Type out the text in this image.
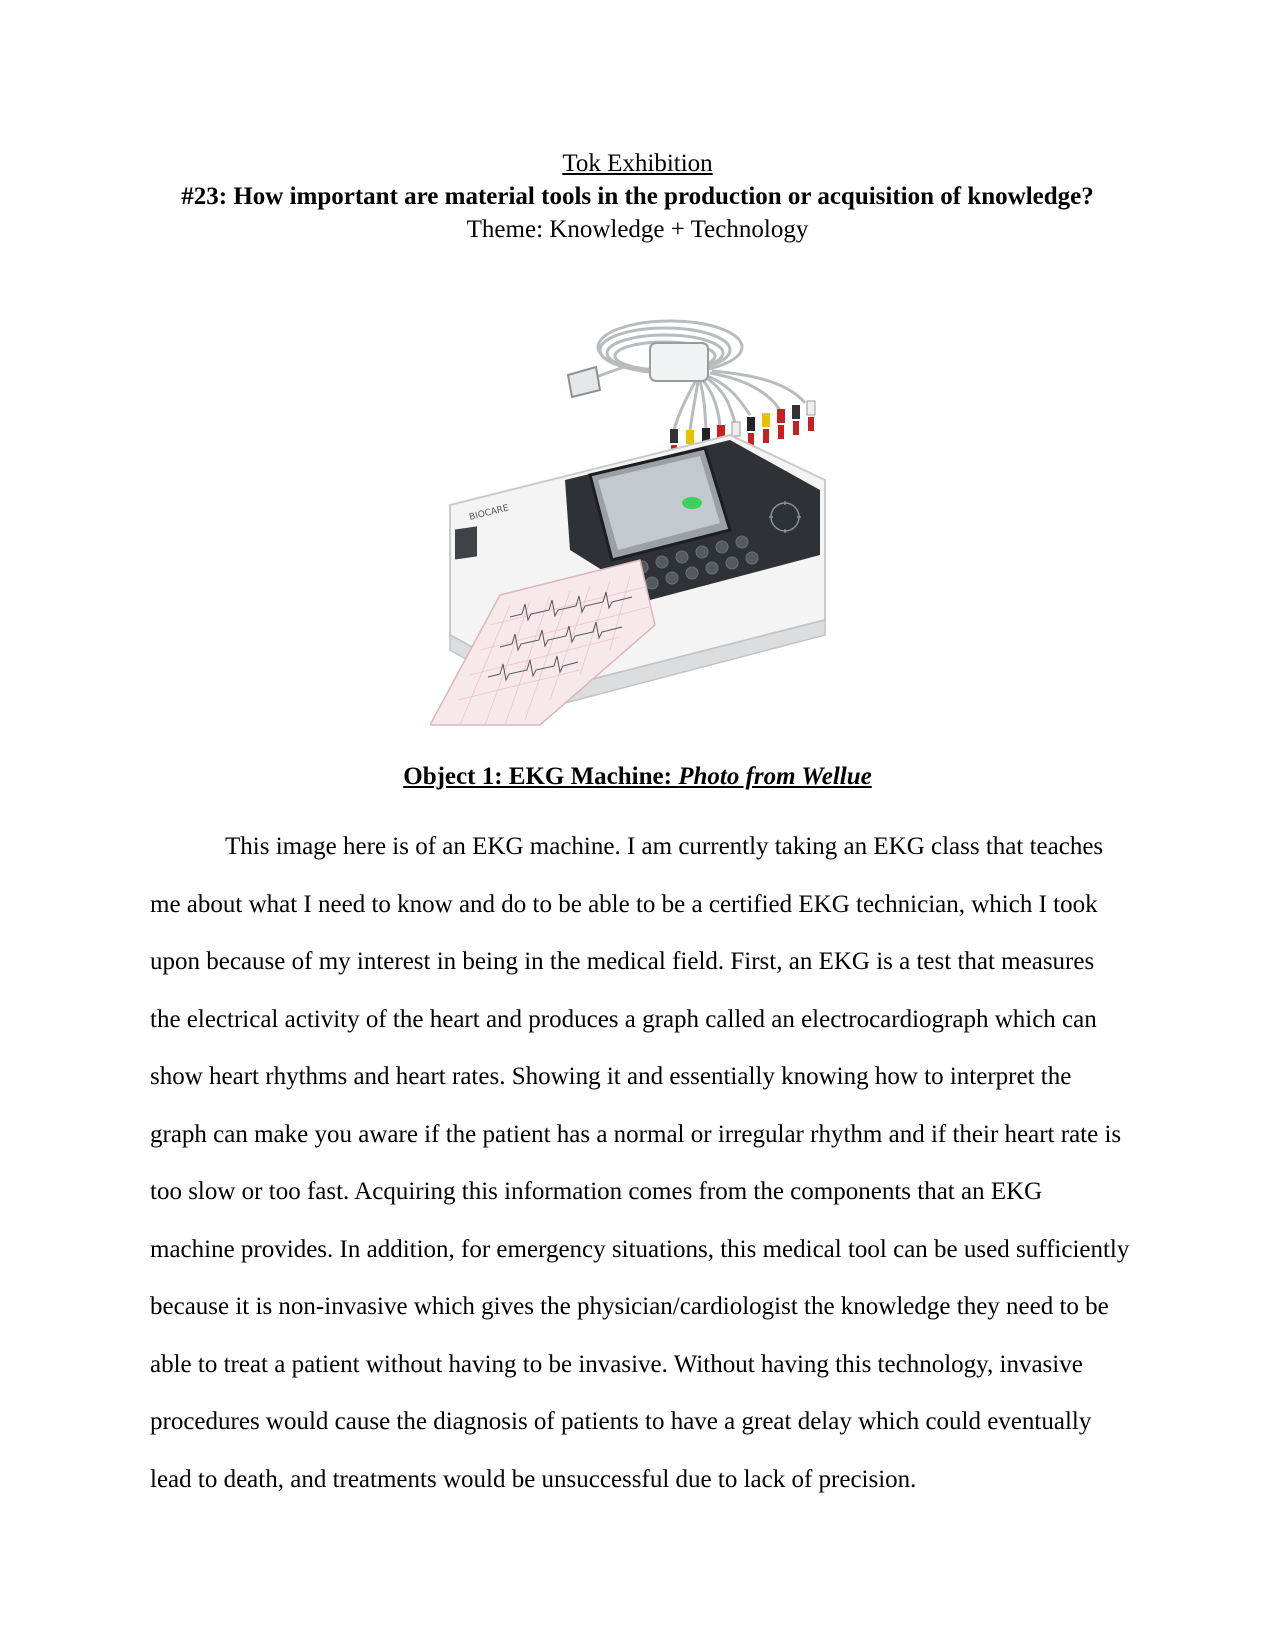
Tok Exhibition
#23: How important are material tools in the production or acquisition of knowledge?
Theme: Knowledge + Technology
BIOCARE
Object 1: EKG Machine: Photo from Wellue
This image here is of an EKG machine. I am currently taking an EKG class that teaches me about what I need to know and do to be able to be a certified EKG technician, which I took upon because of my interest in being in the medical field. First, an EKG is a test that measures the electrical activity of the heart and produces a graph called an electrocardiograph which can show heart rhythms and heart rates. Showing it and essentially knowing how to interpret the graph can make you aware if the patient has a normal or irregular rhythm and if their heart rate is too slow or too fast. Acquiring this information comes from the components that an EKG machine provides. In addition, for emergency situations, this medical tool can be used sufficiently because it is non-invasive which gives the physician/cardiologist the knowledge they need to be able to treat a patient without having to be invasive. Without having this technology, invasive procedures would cause the diagnosis of patients to have a great delay which could eventually lead to death, and treatments would be unsuccessful due to lack of precision.
